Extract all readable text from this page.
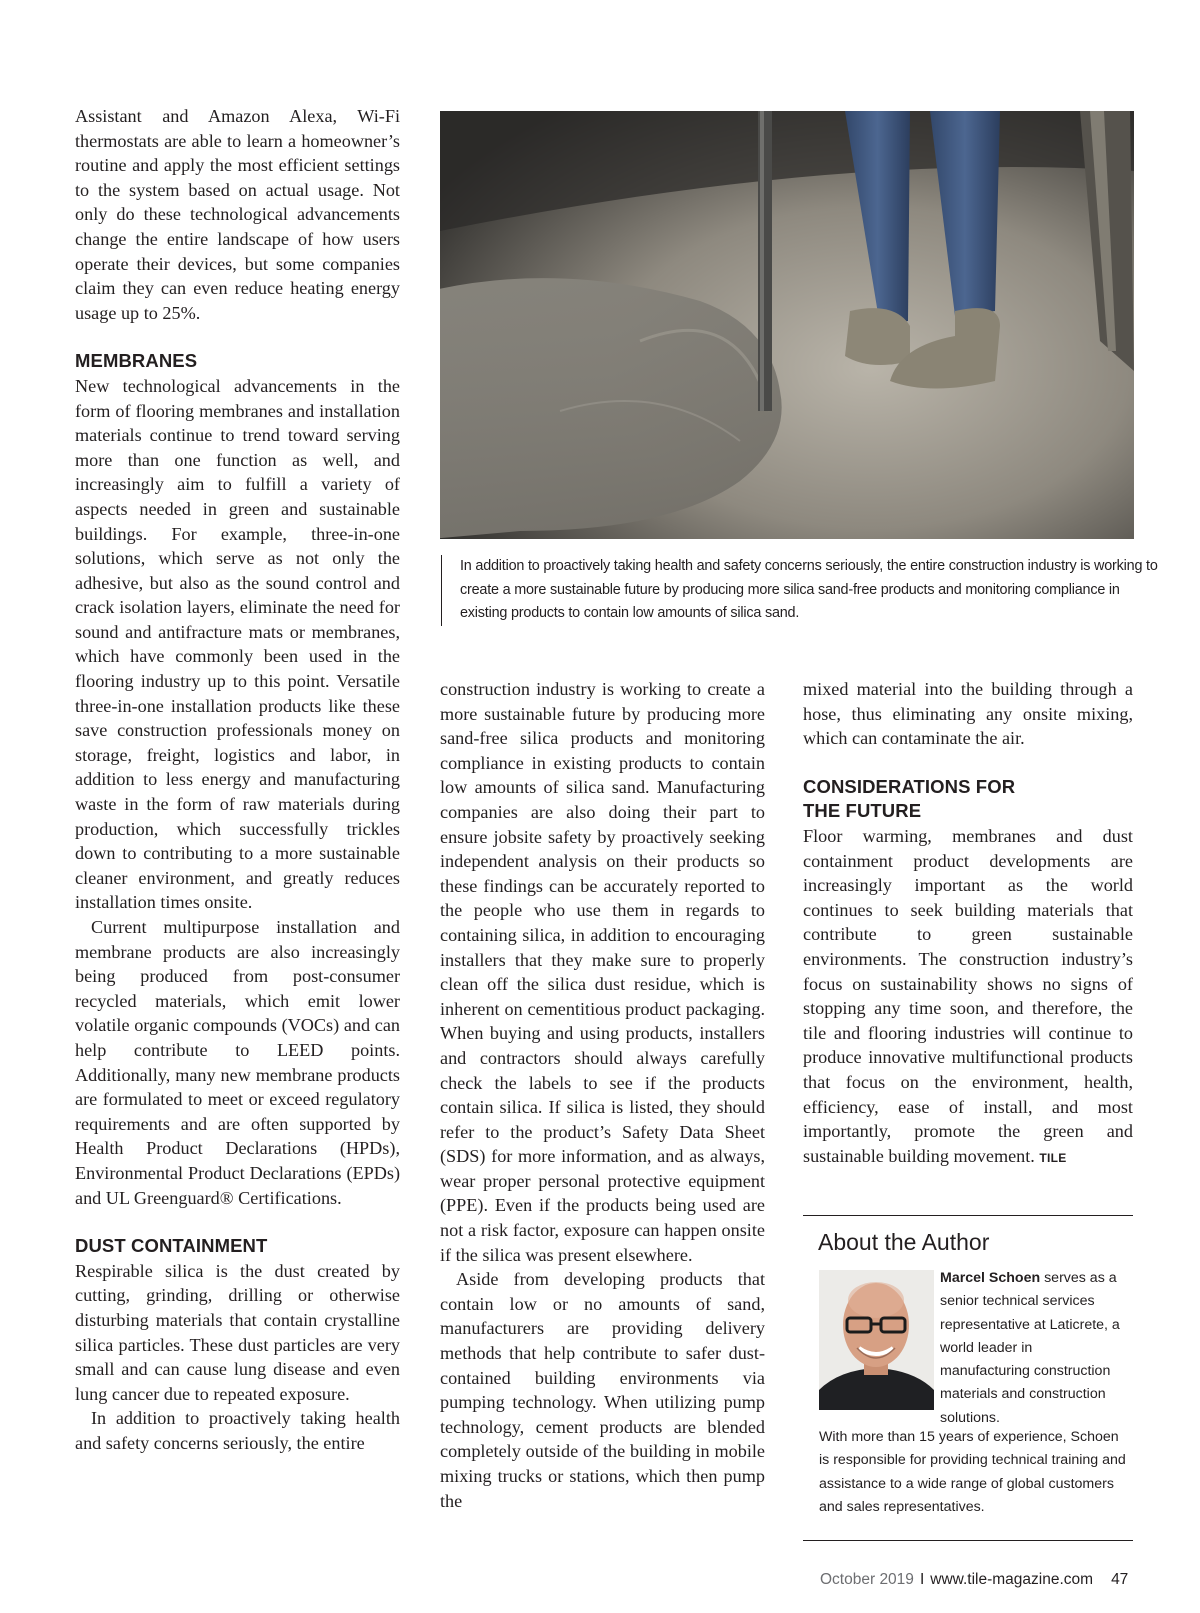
Assistant and Amazon Alexa, Wi-Fi thermostats are able to learn a homeowner’s routine and apply the most efficient settings to the system based on actual usage. Not only do these technological advancements change the entire landscape of how users operate their devices, but some companies claim they can even reduce heating energy usage up to 25%.

MEMBRANES

New technological advancements in the form of flooring membranes and installation materials continue to trend toward serving more than one function as well, and increasingly aim to fulfill a variety of aspects needed in green and sustainable buildings. For example, three-in-one solutions, which serve as not only the adhesive, but also as the sound control and crack isolation layers, eliminate the need for sound and antifracture mats or membranes, which have commonly been used in the flooring industry up to this point. Versatile three-in-one installation products like these save construction professionals money on storage, freight, logistics and labor, in addition to less energy and manufacturing waste in the form of raw materials during production, which successfully trickles down to contributing to a more sustainable cleaner environment, and greatly reduces installation times onsite.

Current multipurpose installation and membrane products are also increasingly being produced from post-consumer recycled materials, which emit lower volatile organic compounds (VOCs) and can help contribute to LEED points. Additionally, many new membrane products are formulated to meet or exceed regulatory requirements and are often supported by Health Product Declarations (HPDs), Environmental Product Declarations (EPDs) and UL Greenguard® Certifications.

DUST CONTAINMENT

Respirable silica is the dust created by cutting, grinding, drilling or otherwise disturbing materials that contain crystalline silica particles. These dust particles are very small and can cause lung disease and even lung cancer due to repeated exposure.

In addition to proactively taking health and safety concerns seriously, the entire

In addition to proactively taking health and safety concerns seriously, the entire construction industry is working to create a more sustainable future by producing more silica sand-free products and monitoring compliance in existing products to contain low amounts of silica sand.

construction industry is working to create a more sustainable future by producing more sand-free silica products and monitoring compliance in existing products to contain low amounts of silica sand. Manufacturing companies are also doing their part to ensure jobsite safety by proactively seeking independent analysis on their products so these findings can be accurately reported to the people who use them in regards to containing silica, in addition to encouraging installers that they make sure to properly clean off the silica dust residue, which is inherent on cementitious product packaging. When buying and using products, installers and contractors should always carefully check the labels to see if the products contain silica. If silica is listed, they should refer to the product’s Safety Data Sheet (SDS) for more information, and as always, wear proper personal protective equipment (PPE). Even if the products being used are not a risk factor, exposure can happen onsite if the silica was present elsewhere.

Aside from developing products that contain low or no amounts of sand, manufacturers are providing delivery methods that help contribute to safer dust-contained building environments via pumping technology. When utilizing pump technology, cement products are blended completely outside of the building in mobile mixing trucks or stations, which then pump the

mixed material into the building through a hose, thus eliminating any onsite mixing, which can contaminate the air.

CONSIDERATIONS FOR
THE FUTURE

Floor warming, membranes and dust containment product developments are increasingly important as the world continues to seek building materials that contribute to green sustainable environments. The construction industry’s focus on sustainability shows no signs of stopping any time soon, and therefore, the tile and flooring industries will continue to produce innovative multifunctional products that focus on the environment, health, efficiency, ease of install, and most importantly, promote the green and sustainable building movement. TILE

About the Author
Marcel Schoen serves as a senior technical services representative at Laticrete, a world leader in manufacturing construction materials and construction solutions.
With more than 15 years of experience, Schoen is responsible for providing technical training and assistance to a wide range of global customers and sales representatives.
October 2019 I www.tile-magazine.com 47
